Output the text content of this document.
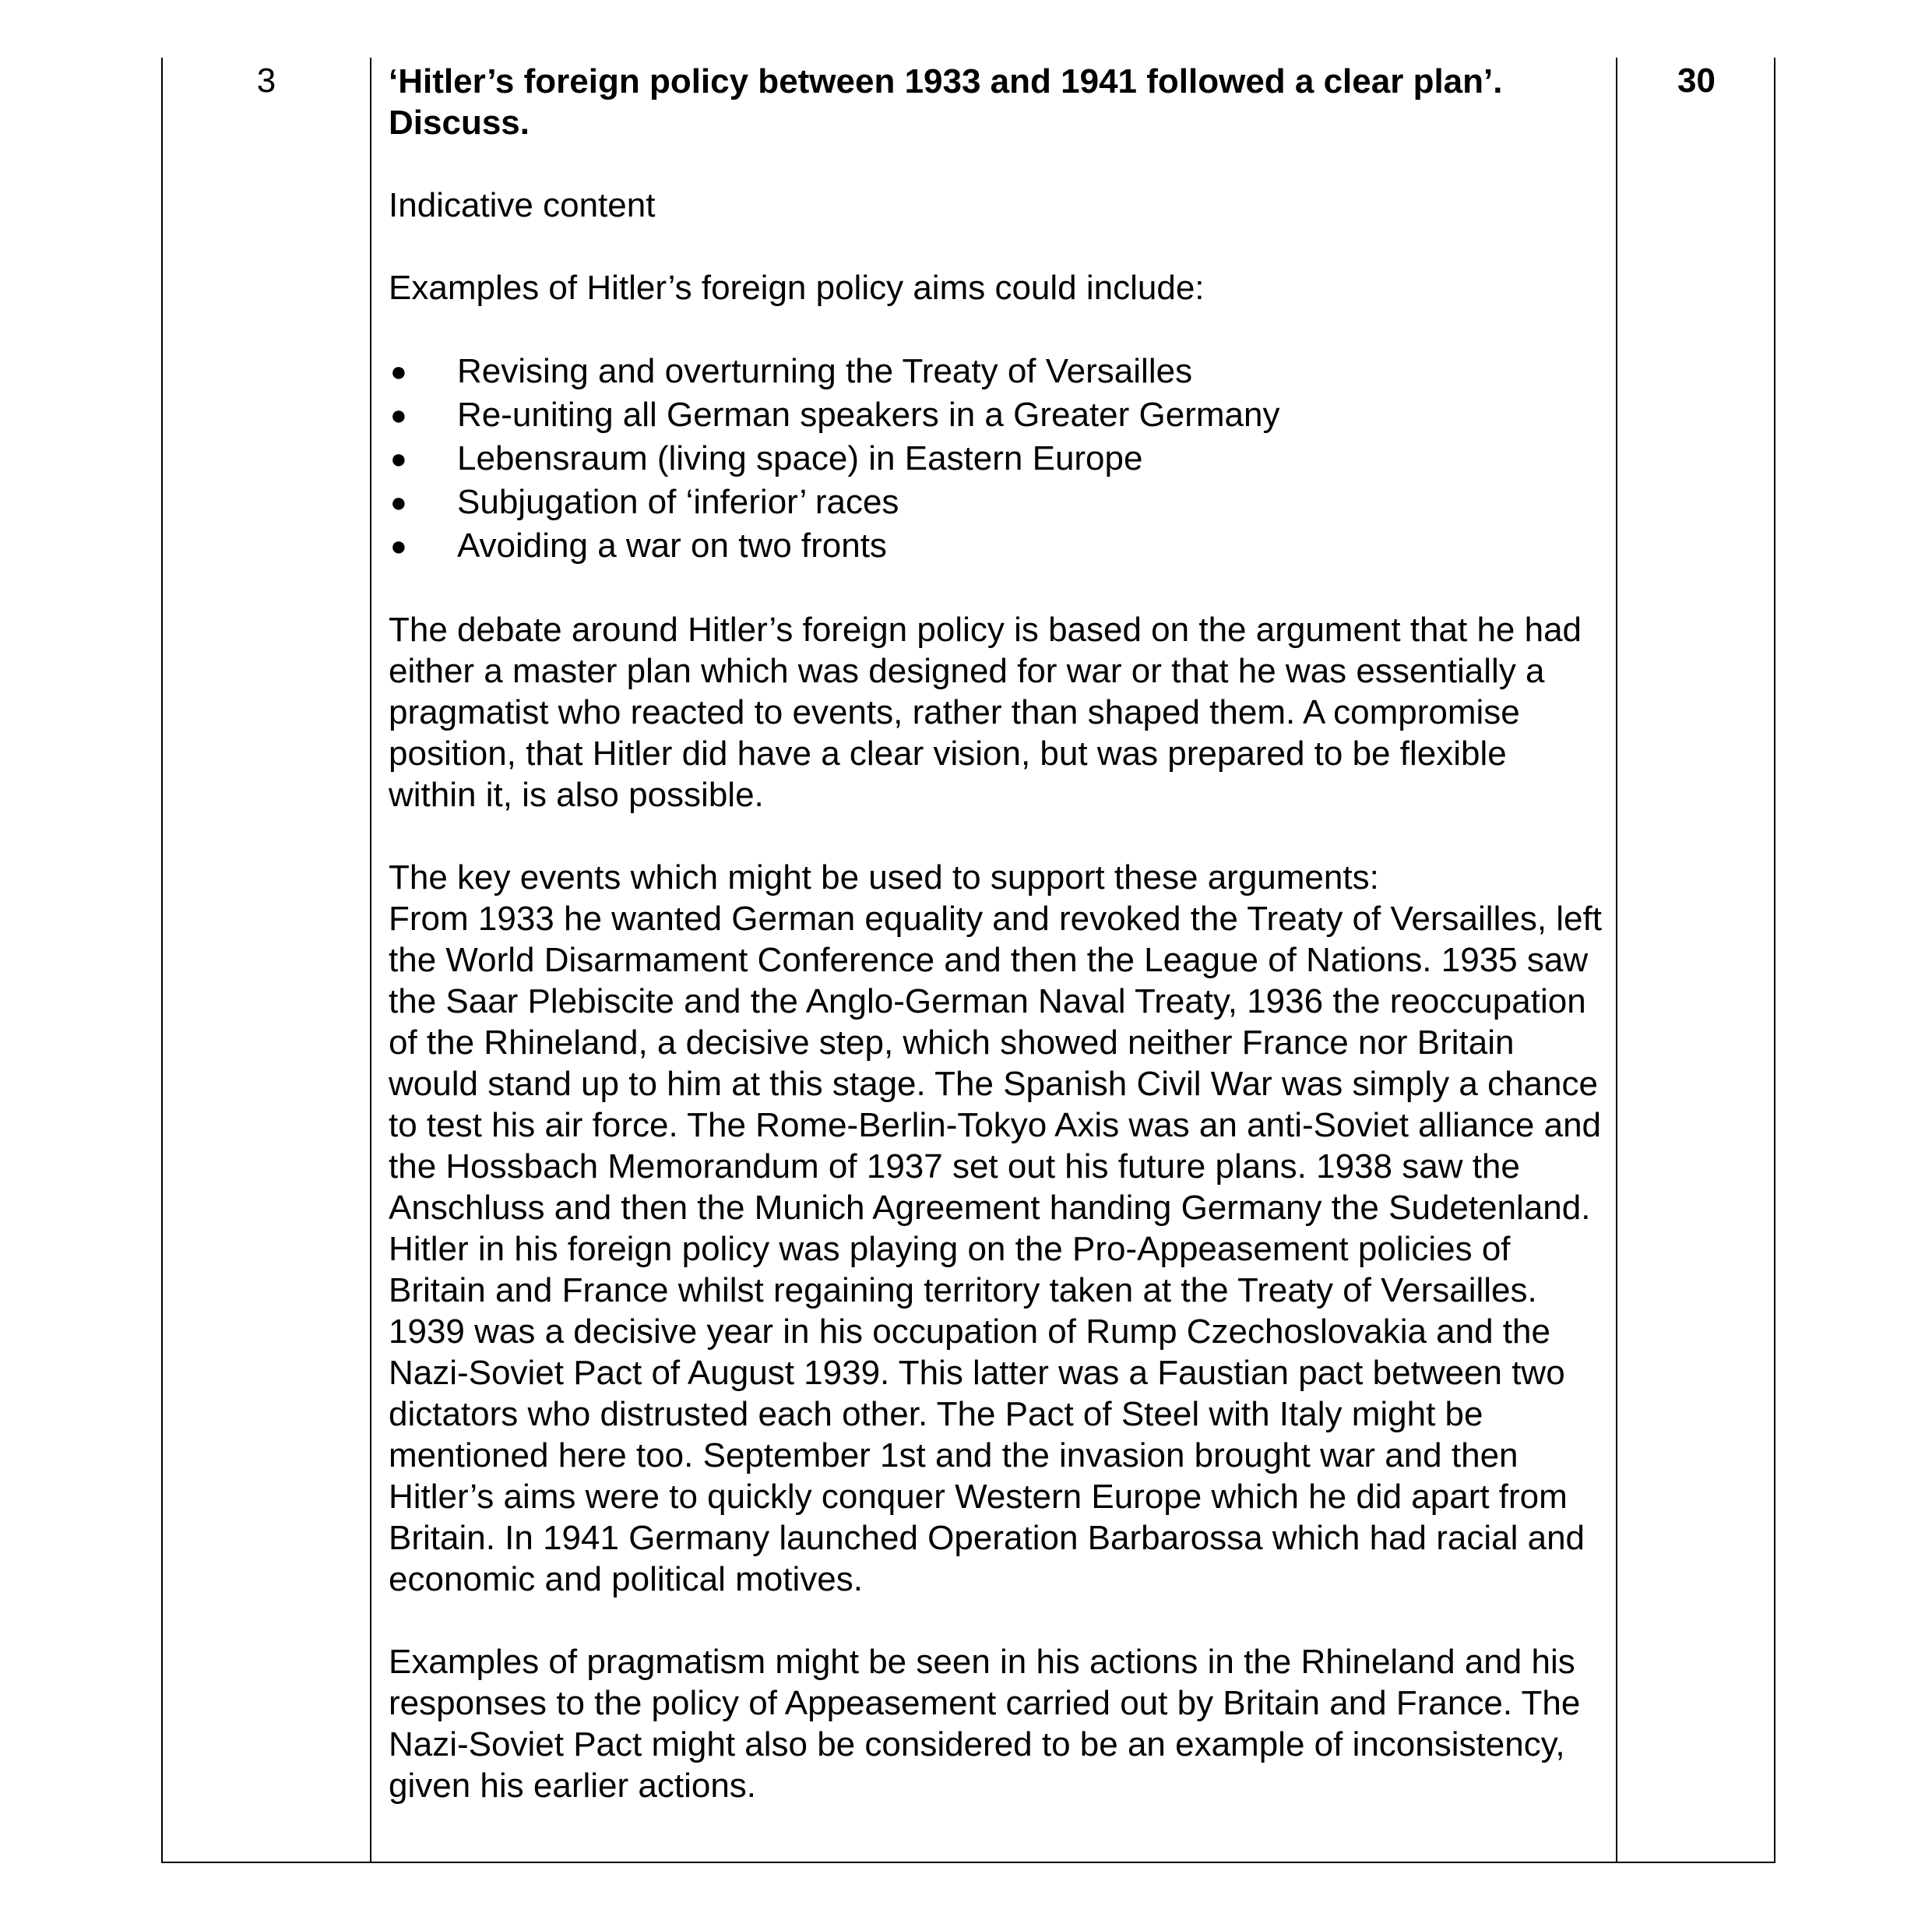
3	‘Hitler’s foreign policy between 1933 and 1941 followed a clear plan’.
Discuss.

Indicative content

Examples of Hitler’s foreign policy aims could include:

● Revising and overturning the Treaty of Versailles
● Re-uniting all German speakers in a Greater Germany
● Lebensraum (living space) in Eastern Europe
● Subjugation of ‘inferior’ races
● Avoiding a war on two fronts

The debate around Hitler’s foreign policy is based on the argument that he had either a master plan which was designed for war or that he was essentially a pragmatist who reacted to events, rather than shaped them. A compromise position, that Hitler did have a clear vision, but was prepared to be flexible within it, is also possible.

The key events which might be used to support these arguments:
From 1933 he wanted German equality and revoked the Treaty of Versailles, left the World Disarmament Conference and then the League of Nations. 1935 saw the Saar Plebiscite and the Anglo-German Naval Treaty, 1936 the reoccupation of the Rhineland, a decisive step, which showed neither France nor Britain would stand up to him at this stage. The Spanish Civil War was simply a chance to test his air force. The Rome-Berlin-Tokyo Axis was an anti-Soviet alliance and the Hossbach Memorandum of 1937 set out his future plans. 1938 saw the Anschluss and then the Munich Agreement handing Germany the Sudetenland. Hitler in his foreign policy was playing on the Pro-Appeasement policies of Britain and France whilst regaining territory taken at the Treaty of Versailles. 1939 was a decisive year in his occupation of Rump Czechoslovakia and the Nazi-Soviet Pact of August 1939. This latter was a Faustian pact between two dictators who distrusted each other. The Pact of Steel with Italy might be mentioned here too. September 1st and the invasion brought war and then Hitler’s aims were to quickly conquer Western Europe which he did apart from Britain. In 1941 Germany launched Operation Barbarossa which had racial and economic and political motives.

Examples of pragmatism might be seen in his actions in the Rhineland and his responses to the policy of Appeasement carried out by Britain and France. The Nazi-Soviet Pact might also be considered to be an example of inconsistency, given his earlier actions.

30
